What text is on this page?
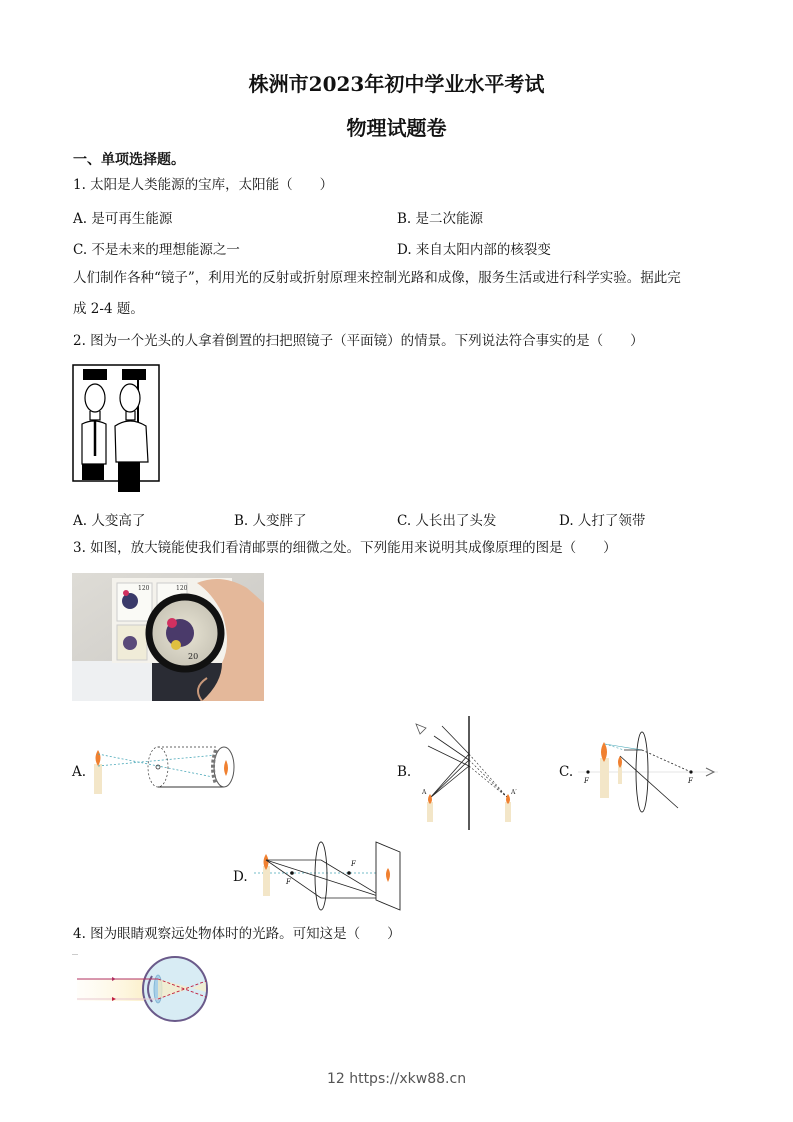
株洲市2023年初中学业水平考试
物理试题卷
一、单项选择题。
1. 太阳是人类能源的宝库，太阳能（　　）
A. 是可再生能源	B. 是二次能源
C. 不是未来的理想能源之一	D. 来自太阳内部的核裂变
人们制作各种“镜子”，利用光的反射或折射原理来控制光路和成像，服务生活或进行科学实验。据此完
成 2-4 题。
2. 图为一个光头的人拿着倒置的扫把照镜子（平面镜）的情景。下列说法符合事实的是（　　）
A. 人变高了	B. 人变胖了	C. 人长出了头发	D. 人打了领带
3. 如图，放大镜能使我们看清邮票的细微之处。下列能用来说明其成像原理的图是（　　）
120	120
20
A.	B.
A	A′
C.
F	F
D.	F
F
4. 图为眼睛观察远处物体时的光路。可知这是（　　）
12 https://xkw88.cn
